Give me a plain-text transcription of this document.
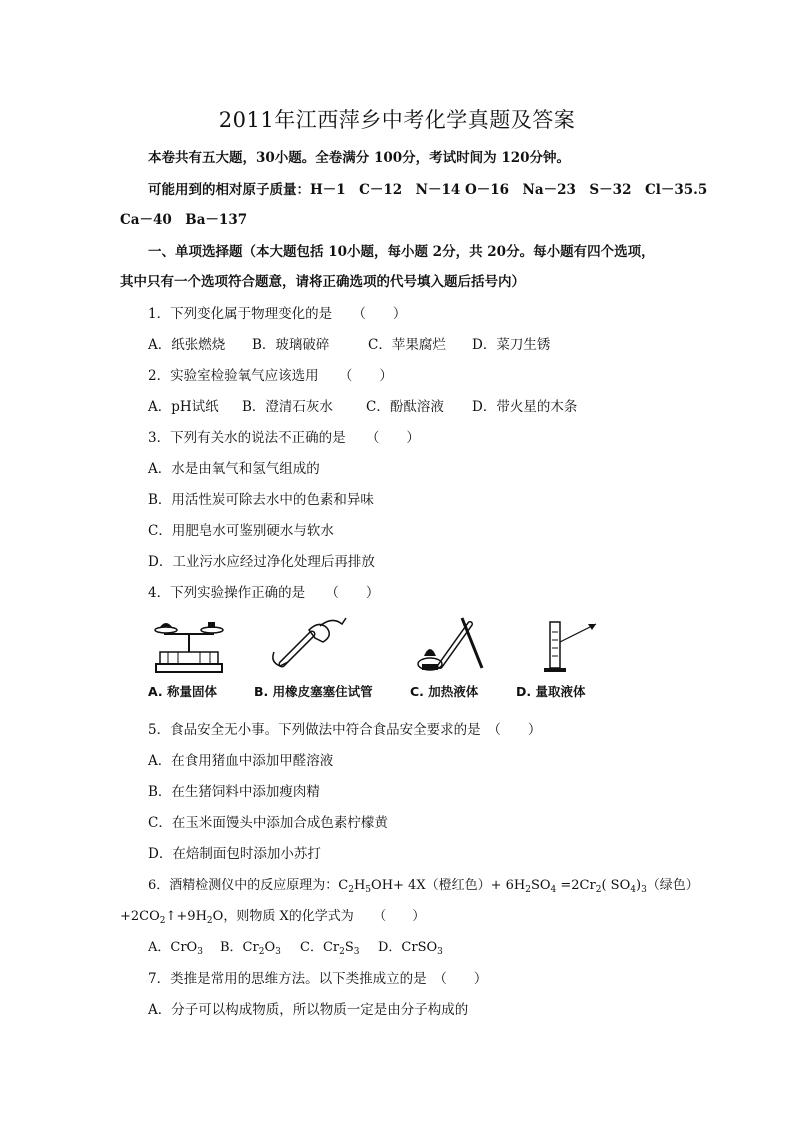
2011年江西萍乡中考化学真题及答案
本卷共有五大题，30小题。全卷满分 100分，考试时间为 120分钟。
可能用到的相对原子质量：H－1　C－12　N－14 O－16　Na－23　S－32　Cl－35.5
Ca－40　Ba－137
一、单项选择题（本大题包括 10小题，每小题 2分，共 20分。每小题有四个选项，
其中只有一个选项符合题意，请将正确选项的代号填入题后括号内）
1．下列变化属于物理变化的是　　（　　）
A．纸张燃烧 B．玻璃破碎	C．苹果腐烂 D．菜刀生锈
2．实验室检验氧气应该选用　　（　　）
A．pH试纸 B．澄清石灰水 C．酚酞溶液 D．带火星的木条
3．下列有关水的说法不正确的是　　（　　）
A．水是由氧气和氢气组成的
B．用活性炭可除去水中的色素和异味
C．用肥皂水可鉴别硬水与软水
D．工业污水应经过净化处理后再排放
4．下列实验操作正确的是　　（　　）
A. 称量固体	B. 用橡皮塞塞住试管	C. 加热液体	D. 量取液体
5．食品安全无小事。下列做法中符合食品安全要求的是　（　　）
A．在食用猪血中添加甲醛溶液
B．在生猪饲料中添加瘦肉精
C．在玉米面馒头中添加合成色素柠檬黄
D．在焙制面包时添加小苏打
6．酒精检测仪中的反应原理为：$C_2H_5OH+ 4X$（橙红色）+ $6H_2SO_4 =2Cr_2$( $SO_4)_3$（绿色）
$+2CO_2↑+9H_2O$，则物质 X的化学式为　　（　　）
A．CrO$_3$ B．$Cr_2O_3$ C．$Cr_2S_3$ D．CrSO$_3$
7．类推是常用的思维方法。以下类推成立的是　（　　）
A．分子可以构成物质，所以物质一定是由分子构成的
